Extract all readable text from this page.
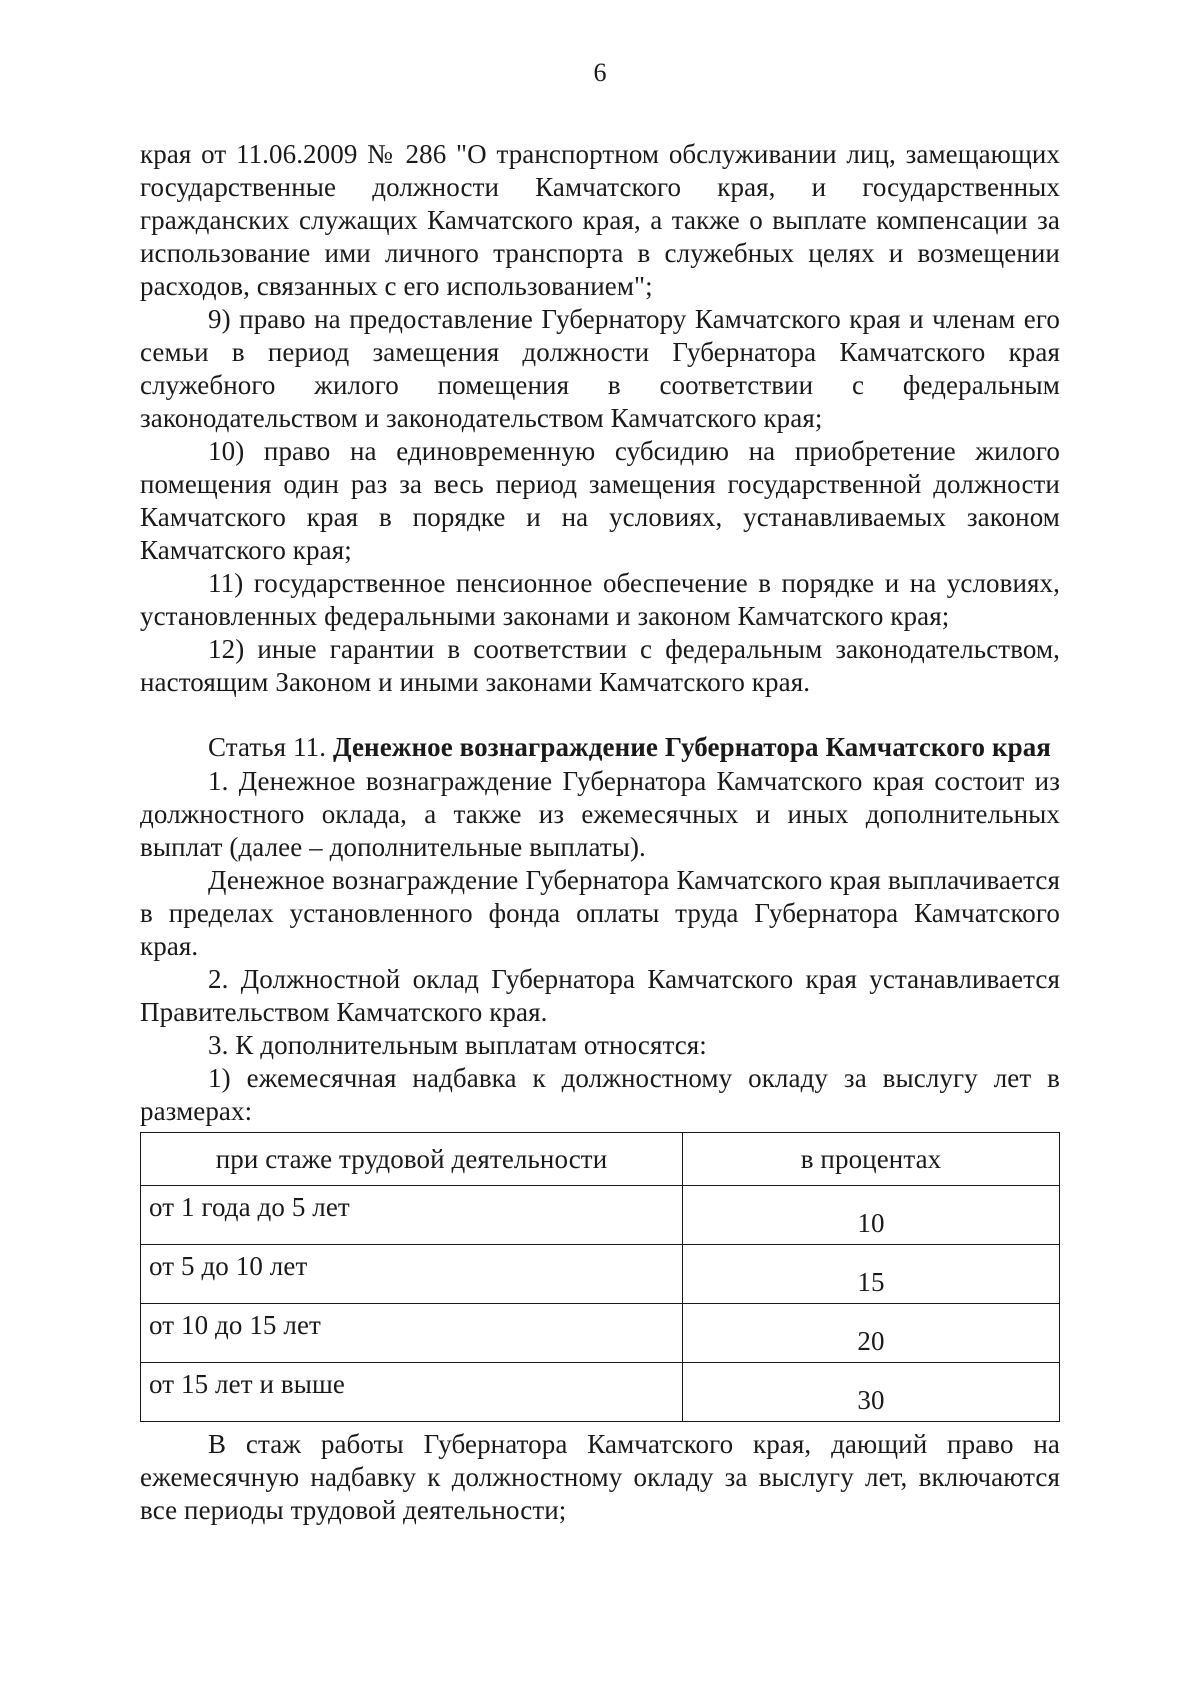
6

края от 11.06.2009 № 286 "О транспортном обслуживании лиц, замещающих государственные должности Камчатского края, и государственных гражданских служащих Камчатского края, а также о выплате компенсации за использование ими личного транспорта в служебных целях и возмещении расходов, связанных с его использованием";

9) право на предоставление Губернатору Камчатского края и членам его семьи в период замещения должности Губернатора Камчатского края служебного жилого помещения в соответствии с федеральным законодательством и законодательством Камчатского края;

10) право на единовременную субсидию на приобретение жилого помещения один раз за весь период замещения государственной должности Камчатского края в порядке и на условиях, устанавливаемых законом Камчатского края;

11) государственное пенсионное обеспечение в порядке и на условиях, установленных федеральными законами и законом Камчатского края;

12) иные гарантии в соответствии с федеральным законодательством, настоящим Законом и иными законами Камчатского края.

Статья 11. Денежное вознаграждение Губернатора Камчатского края

1. Денежное вознаграждение Губернатора Камчатского края состоит из должностного оклада, а также из ежемесячных и иных дополнительных выплат (далее – дополнительные выплаты).

Денежное вознаграждение Губернатора Камчатского края выплачивается в пределах установленного фонда оплаты труда Губернатора Камчатского края.

2. Должностной оклад Губернатора Камчатского края устанавливается Правительством Камчатского края.

3. К дополнительным выплатам относятся:

1) ежемесячная надбавка к должностному окладу за выслугу лет в размерах:

при стаже трудовой деятельности	в процентах
от 1 года до 5 лет	10
от 5 до 10 лет	15
от 10 до 15 лет	20
от 15 лет и выше	30

В стаж работы Губернатора Камчатского края, дающий право на ежемесячную надбавку к должностному окладу за выслугу лет, включаются все периоды трудовой деятельности;
